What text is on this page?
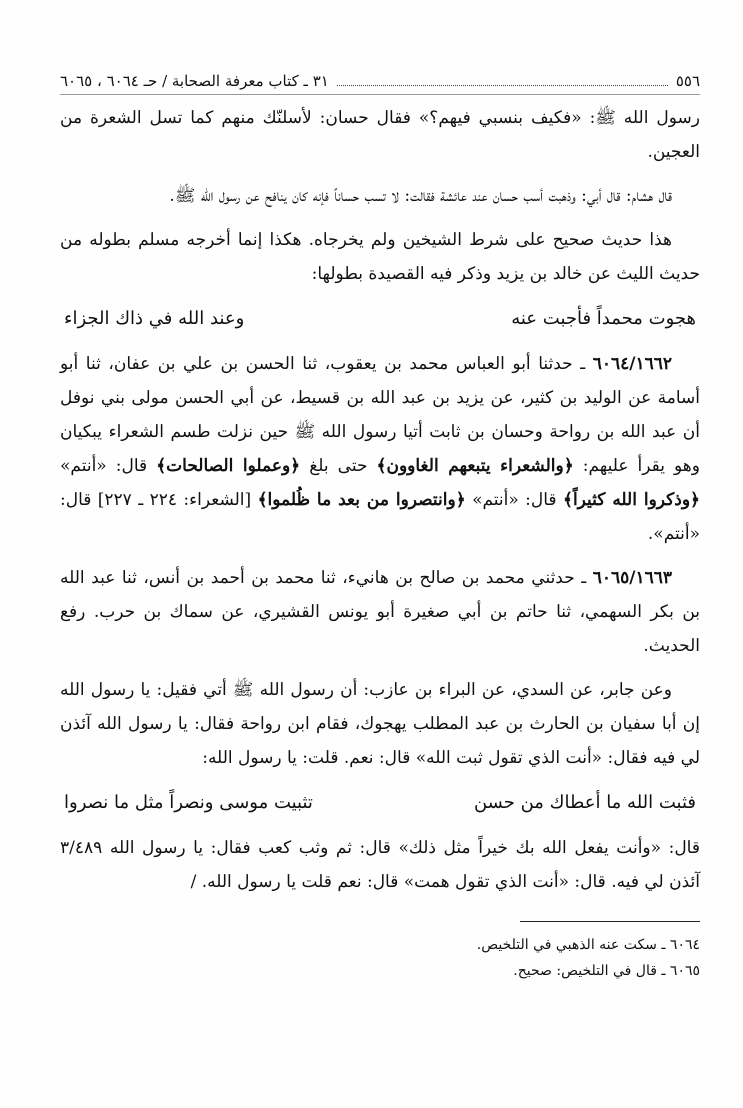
٥٥٦
٣١ ـ كتاب معرفة الصحابة / حـ ٦٠٦٤ ، ٦٠٦٥

رسول الله ﷺ: «فكيف بنسبي فيهم؟» فقال حسان: لأسلنّك منهم كما تسل الشعرة من العجين.

قال هشام: قال أبي: وذهبت أسب حسان عند عائشة فقالت: لا تسب حساناً فإنه كان ينافح عن رسول الله ﷺ.

هذا حديث صحيح على شرط الشيخين ولم يخرجاه. هكذا إنما أخرجه مسلم بطوله من حديث الليث عن خالد بن يزيد وذكر فيه القصيدة بطولها:

هجوت محمداً فأجبت عنه
وعند الله في ذاك الجزاء

٦٠٦٤/١٦٦٢ ـ حدثنا أبو العباس محمد بن يعقوب، ثنا الحسن بن علي بن عفان، ثنا أبو أسامة عن الوليد بن كثير، عن يزيد بن عبد الله بن قسيط، عن أبي الحسن مولى بني نوفل أن عبد الله بن رواحة وحسان بن ثابت أتيا رسول الله ﷺ حين نزلت طسم الشعراء يبكيان وهو يقرأ عليهم: ﴿والشعراء يتبعهم الغاوون﴾ حتى بلغ ﴿وعملوا الصالحات﴾ قال: «أنتم» ﴿وذكروا الله كثيراً﴾ قال: «أنتم» ﴿وانتصروا من بعد ما ظُلموا﴾ [الشعراء: ٢٢٤ ـ ٢٢٧] قال: «أنتم».

٦٠٦٥/١٦٦٣ ـ حدثني محمد بن صالح بن هانيء، ثنا محمد بن أحمد بن أنس، ثنا عبد الله بن بكر السهمي، ثنا حاتم بن أبي صغيرة أبو يونس القشيري، عن سماك بن حرب. رفع الحديث.

وعن جابر، عن السدي، عن البراء بن عازب: أن رسول الله ﷺ أتي فقيل: يا رسول الله إن أبا سفيان بن الحارث بن عبد المطلب يهجوك، فقام ابن رواحة فقال: يا رسول الله آئذن لي فيه فقال: «أنت الذي تقول ثبت الله» قال: نعم. قلت: يا رسول الله:

فثبت الله ما أعطاك من حسن
تثبيت موسى ونصراً مثل ما نصروا

قال: «وأنت يفعل الله بك خيراً مثل ذلك» قال: ثم وثب كعب فقال: يا رسول الله ٣/٤٨٩ آئذن لي فيه. قال: «أنت الذي تقول همت» قال: نعم قلت يا رسول الله. /

٦٠٦٤ ـ سكت عنه الذهبي في التلخيص.
٦٠٦٥ ـ قال في التلخيص: صحيح.
